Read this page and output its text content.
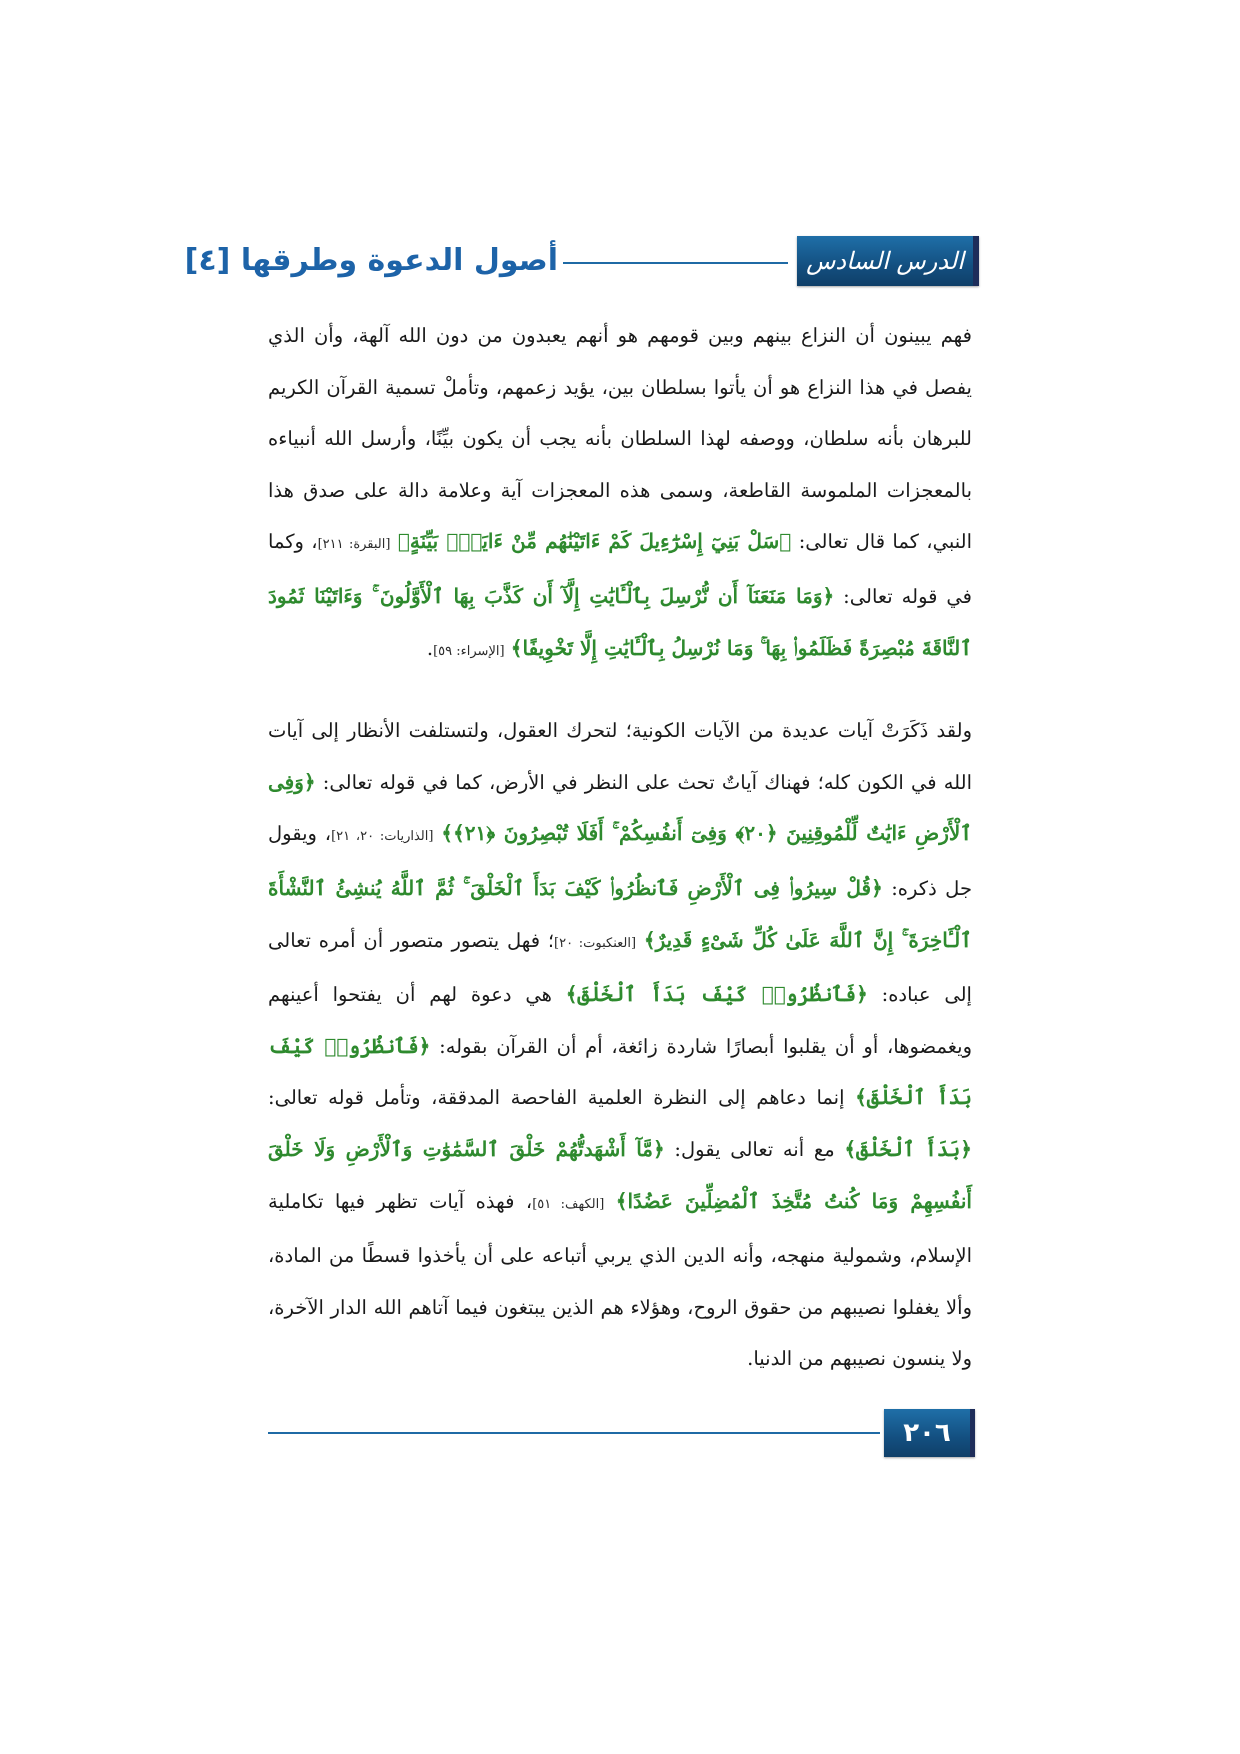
الدرس السادس
أصول الدعوة وطرقها [٤]

فهم يبينون أن النزاع بينهم وبين قومهم هو أنهم يعبدون من دون الله آلهة، وأن الذي يفصل في هذا النزاع هو أن يأتوا بسلطان بين، يؤيد زعمهم، وتأملْ تسمية القرآن الكريم للبرهان بأنه سلطان، ووصفه لهذا السلطان بأنه يجب أن يكون بيِّنًا، وأرسل الله أنبياءه بالمعجزات الملموسة القاطعة، وسمى هذه المعجزات آية وعلامة دالة على صدق هذا النبي، كما قال تعالى: ﴿سَلْ بَنِيٓ إِسْرَٰٓءِيلَ كَمْ ءَاتَيْنَٰهُم مِّنْ ءَايَةٍۭ بَيِّنَةٍ﴾ [البقرة: ٢١١]، وكما في قوله تعالى: ﴿وَمَا مَنَعَنَآ أَن نُّرْسِلَ بِٱلْـَٔايَٰتِ إِلَّآ أَن كَذَّبَ بِهَا ٱلْأَوَّلُونَ ۚ وَءَاتَيْنَا ثَمُودَ ٱلنَّاقَةَ مُبْصِرَةً فَظَلَمُوا۟ بِهَا ۚ وَمَا نُرْسِلُ بِٱلْـَٔايَٰتِ إِلَّا تَخْوِيفًا﴾ [الإسراء: ٥٩].

ولقد ذَكَرَتْ آيات عديدة من الآيات الكونية؛ لتحرك العقول، ولتستلفت الأنظار إلى آيات الله في الكون كله؛ فهناك آياتٌ تحث على النظر في الأرض، كما في قوله تعالى: ﴿وَفِى ٱلْأَرْضِ ءَايَٰتٌ لِّلْمُوقِنِينَ ﴿٢٠﴾ وَفِىٓ أَنفُسِكُمْ ۚ أَفَلَا تُبْصِرُونَ ﴿٢١﴾﴾ [الذاريات: ٢٠، ٢١]، ويقول جل ذكره: ﴿قُلْ سِيرُوا۟ فِى ٱلْأَرْضِ فَٱنظُرُوا۟ كَيْفَ بَدَأَ ٱلْخَلْقَ ۚ ثُمَّ ٱللَّهُ يُنشِئُ ٱلنَّشْأَةَ ٱلْـَٔاخِرَةَ ۚ إِنَّ ٱللَّهَ عَلَىٰ كُلِّ شَىْءٍ قَدِيرٌ﴾ [العنكبوت: ٢٠]؛ فهل يتصور متصور أن أمره تعالى إلى عباده: ﴿فَٱنظُرُوا۟ كَيْفَ بَدَأَ ٱلْخَلْقَ﴾ هي دعوة لهم أن يفتحوا أعينهم ويغمضوها، أو أن يقلبوا أبصارًا شاردة زائغة، أم أن القرآن بقوله: ﴿فَٱنظُرُوا۟ كَيْفَ بَدَأَ ٱلْخَلْقَ﴾ إنما دعاهم إلى النظرة العلمية الفاحصة المدققة، وتأمل قوله تعالى: ﴿بَدَأَ ٱلْخَلْقَ﴾ مع أنه تعالى يقول: ﴿مَّآ أَشْهَدتُّهُمْ خَلْقَ ٱلسَّمَٰوَٰتِ وَٱلْأَرْضِ وَلَا خَلْقَ أَنفُسِهِمْ وَمَا كُنتُ مُتَّخِذَ ٱلْمُضِلِّينَ عَضُدًا﴾ [الكهف: ٥١]، فهذه آيات تظهر فيها تكاملية الإسلام، وشمولية منهجه، وأنه الدين الذي يربي أتباعه على أن يأخذوا قسطًا من المادة، وألا يغفلوا نصيبهم من حقوق الروح، وهؤلاء هم الذين يبتغون فيما آتاهم الله الدار الآخرة، ولا ينسون نصيبهم من الدنيا.

٢٠٦
